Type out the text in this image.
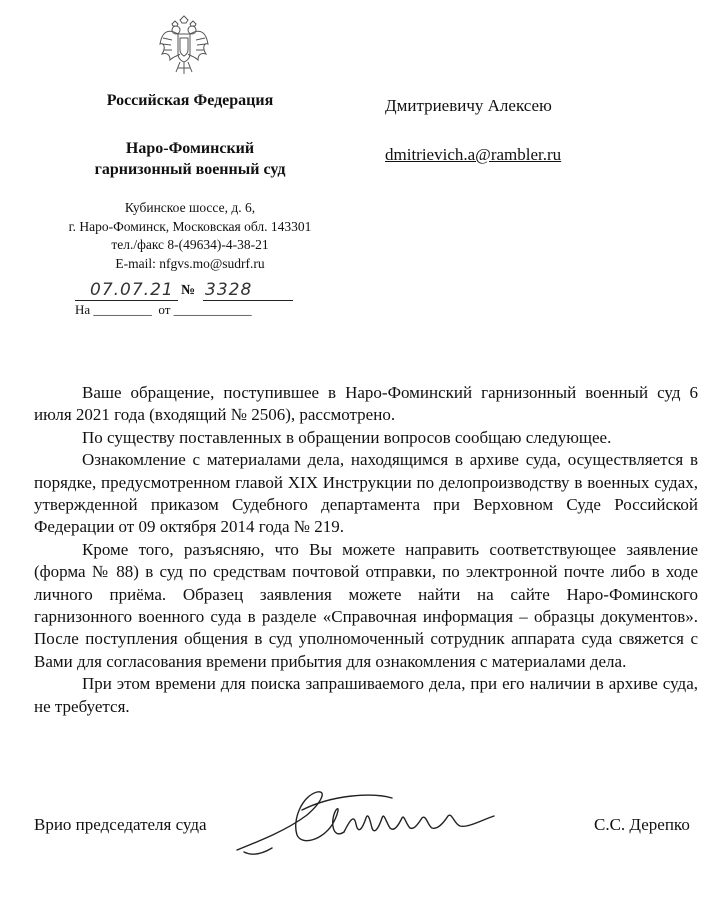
Российская Федерация
Наро-Фоминский
гарнизонный военный суд
Кубинское шоссе, д. 6,
г. Наро-Фоминск, Московская обл. 143301
тел./факс 8-(49634)-4-38-21
E-mail: nfgvs.mo@sudrf.ru
07.07.21 № 3328
На _________  от ____________
Дмитриевичу Алексею
dmitrievich.a@rambler.ru

Ваше обращение, поступившее в Наро-Фоминский гарнизонный военный суд 6 июля 2021 года (входящий № 2506), рассмотрено.

По существу поставленных в обращении вопросов сообщаю следующее.

Ознакомление с материалами дела, находящимся в архиве суда, осуществляется в порядке, предусмотренном главой XIX Инструкции по делопроизводству в военных судах, утвержденной приказом Судебного департамента при Верховном Суде Российской Федерации от 09 октября 2014 года № 219.

Кроме того, разъясняю, что Вы можете направить соответствующее заявление (форма № 88) в суд по средствам почтовой отправки, по электронной почте либо в ходе личного приёма. Образец заявления можете найти на сайте Наро-Фоминского гарнизонного военного суда в разделе «Справочная информация – образцы документов». После поступления общения в суд уполномоченный сотрудник аппарата суда свяжется с Вами для согласования времени прибытия для ознакомления с материалами дела.

При этом времени для поиска запрашиваемого дела, при его наличии в архиве суда, не требуется.

Врио председателя суда	С.С. Дерепко
